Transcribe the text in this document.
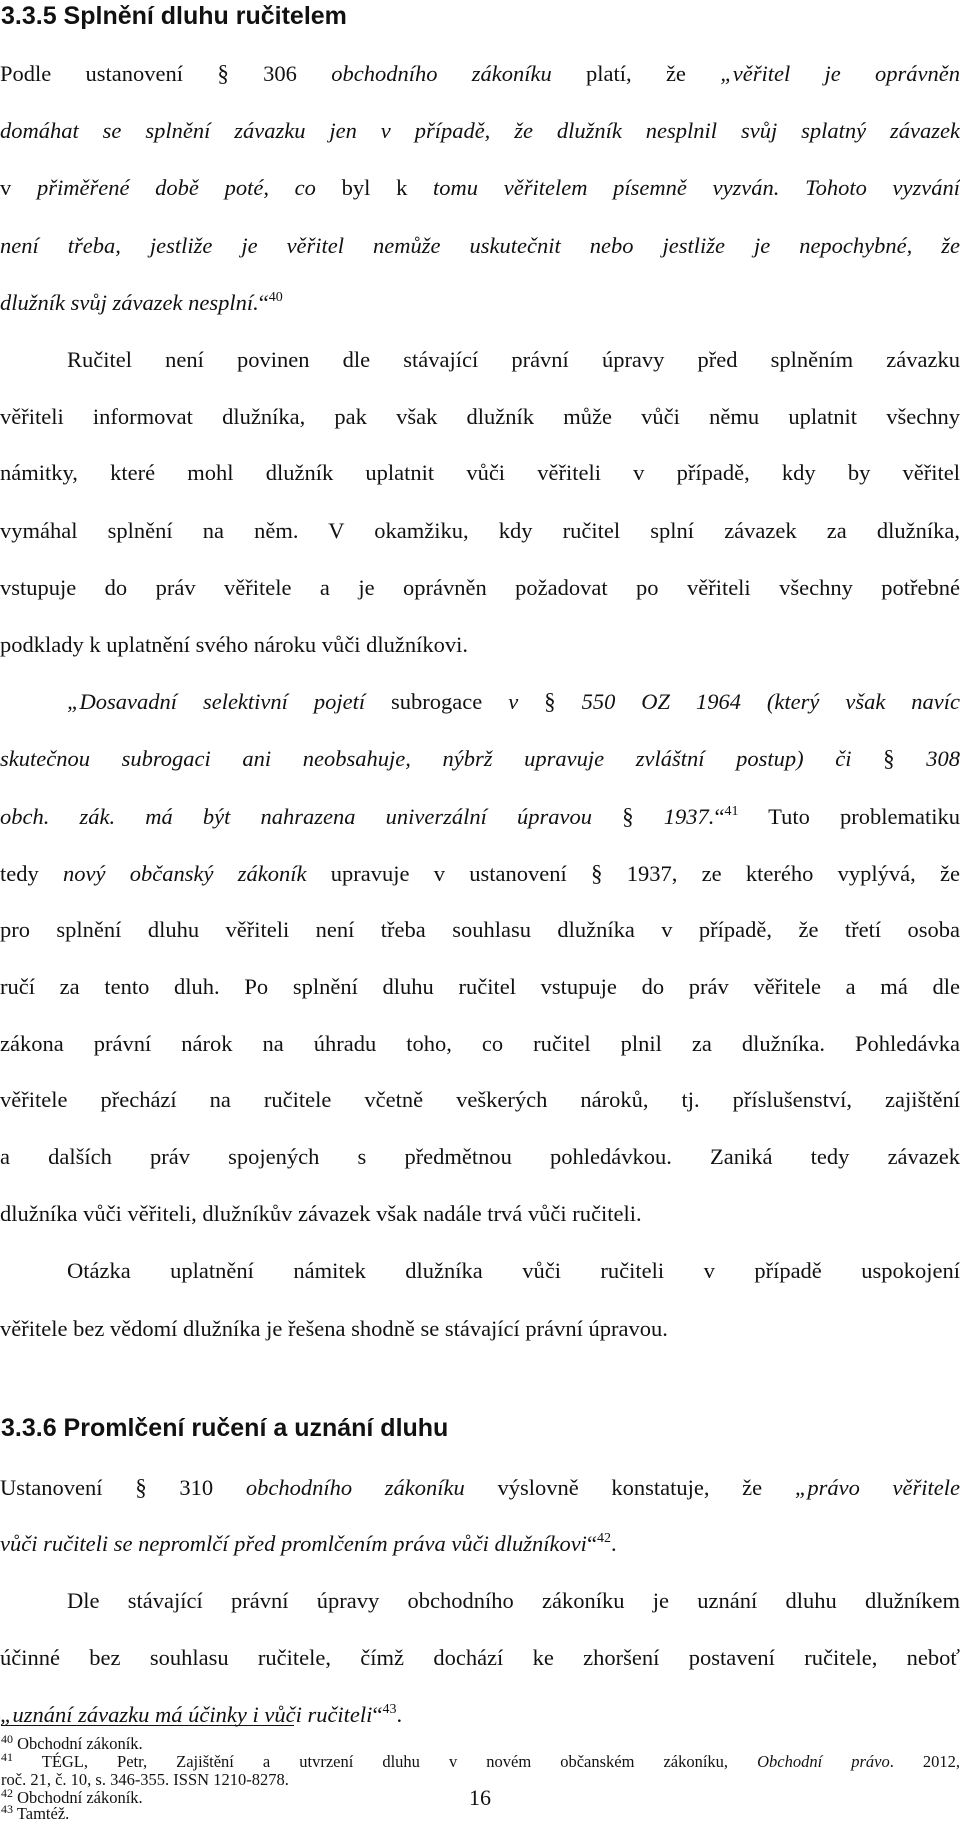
3.3.5 Splnění dluhu ručitelem

Podle ustanovení § 306 obchodního zákoníku platí, že „věřitel je oprávněn

domáhat se splnění závazku jen v případě, že dlužník nesplnil svůj splatný závazek

v přiměřené době poté, co byl k tomu věřitelem písemně vyzván. Tohoto vyzvání

není třeba, jestliže je věřitel nemůže uskutečnit nebo jestliže je nepochybné, že

dlužník svůj závazek nesplní.“$^{40}$

Ručitel není povinen dle stávající právní úpravy před splněním závazku

věřiteli informovat dlužníka, pak však dlužník může vůči němu uplatnit všechny

námitky, které mohl dlužník uplatnit vůči věřiteli v případě, kdy by věřitel

vymáhal splnění na něm. V okamžiku, kdy ručitel splní závazek za dlužníka,

vstupuje do práv věřitele a je oprávněn požadovat po věřiteli všechny potřebné

podklady k uplatnění svého nároku vůči dlužníkovi.

„Dosavadní selektivní pojetí subrogace v § 550 OZ 1964 (který však navíc

skutečnou subrogaci ani neobsahuje, nýbrž upravuje zvláštní postup) či § 308

obch. zák. má být nahrazena univerzální úpravou § 1937.“$^{41}$ Tuto problematiku

tedy nový občanský zákoník upravuje v ustanovení § 1937, ze kterého vyplývá, že

pro splnění dluhu věřiteli není třeba souhlasu dlužníka v případě, že třetí osoba

ručí za tento dluh. Po splnění dluhu ručitel vstupuje do práv věřitele a má dle

zákona právní nárok na úhradu toho, co ručitel plnil za dlužníka. Pohledávka

věřitele přechází na ručitele včetně veškerých nároků, tj. příslušenství, zajištění

a dalších práv spojených s předmětnou pohledávkou. Zaniká tedy závazek

dlužníka vůči věřiteli, dlužníkův závazek však nadále trvá vůči ručiteli.

Otázka uplatnění námitek dlužníka vůči ručiteli v případě uspokojení

věřitele bez vědomí dlužníka je řešena shodně se stávající právní úpravou.

3.3.6 Promlčení ručení a uznání dluhu

Ustanovení § 310 obchodního zákoníku výslovně konstatuje, že „právo věřitele

vůči ručiteli se nepromlčí před promlčením práva vůči dlužníkovi“$^{42}$.

Dle stávající právní úpravy obchodního zákoníku je uznání dluhu dlužníkem

účinné bez souhlasu ručitele, čímž dochází ke zhoršení postavení ručitele, neboť

„uznání závazku má účinky i vůči ručiteli“$^{43}$.

$^{40}$ Obchodní zákoník.

$^{41}$ TÉGL, Petr, Zajištění a utvrzení dluhu v novém občanském zákoníku, Obchodní právo. 2012,

roč. 21, č. 10, s. 346-355. ISSN 1210-8278.

$^{42}$ Obchodní zákoník.

$^{43}$ Tamtéž.

16
